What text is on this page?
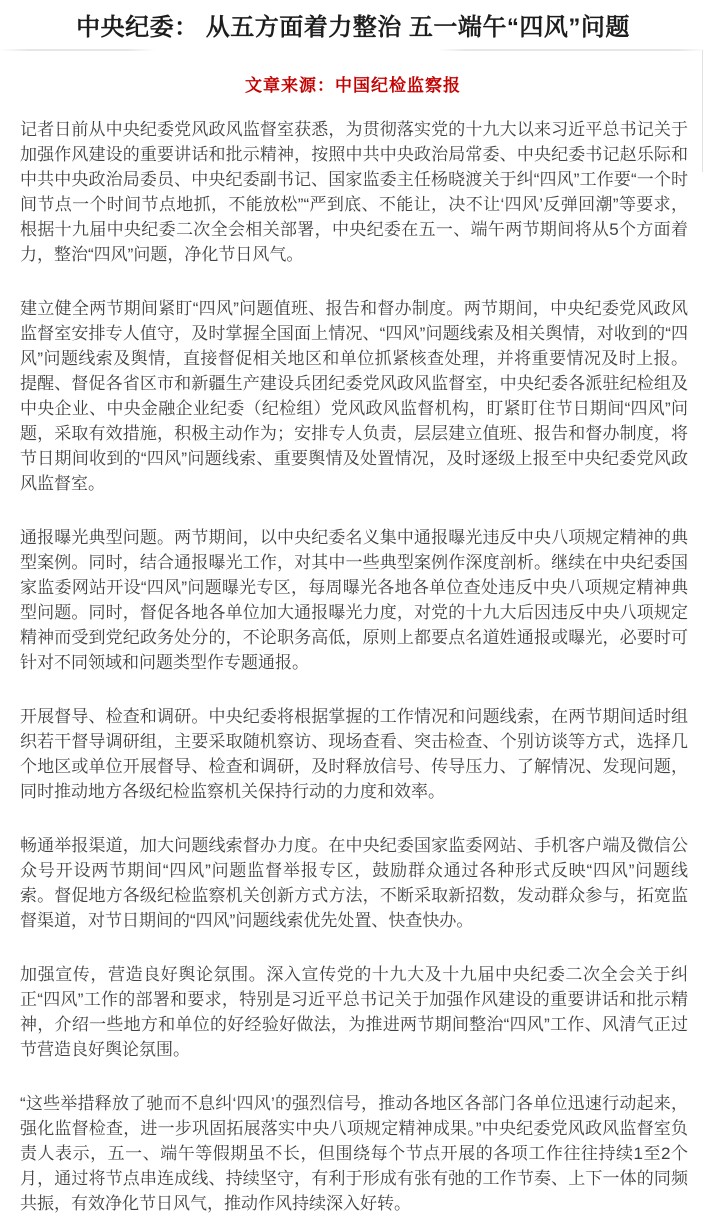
中央纪委： 从五方面着力整治 五一端午“四风”问题
文章来源：中国纪检监察报

记者日前从中央纪委党风政风监督室获悉，为贯彻落实党的十九大以来习近平总书记关于加强作风建设的重要讲话和批示精神，按照中共中央政治局常委、中央纪委书记赵乐际和中共中央政治局委员、中央纪委副书记、国家监委主任杨晓渡关于纠“四风”工作要“一个时间节点一个时间节点地抓，不能放松”“严到底、不能让，决不让‘四风’反弹回潮”等要求，根据十九届中央纪委二次全会相关部署，中央纪委在五一、端午两节期间将从5个方面着力，整治“四风”问题，净化节日风气。

建立健全两节期间紧盯“四风”问题值班、报告和督办制度。两节期间，中央纪委党风政风监督室安排专人值守，及时掌握全国面上情况、“四风”问题线索及相关舆情，对收到的“四风”问题线索及舆情，直接督促相关地区和单位抓紧核查处理，并将重要情况及时上报。提醒、督促各省区市和新疆生产建设兵团纪委党风政风监督室，中央纪委各派驻纪检组及中央企业、中央金融企业纪委（纪检组）党风政风监督机构，盯紧盯住节日期间“四风”问题，采取有效措施，积极主动作为；安排专人负责，层层建立值班、报告和督办制度，将节日期间收到的“四风”问题线索、重要舆情及处置情况，及时逐级上报至中央纪委党风政风监督室。

通报曝光典型问题。两节期间，以中央纪委名义集中通报曝光违反中央八项规定精神的典型案例。同时，结合通报曝光工作，对其中一些典型案例作深度剖析。继续在中央纪委国家监委网站开设“四风”问题曝光专区，每周曝光各地各单位查处违反中央八项规定精神典型问题。同时，督促各地各单位加大通报曝光力度，对党的十九大后因违反中央八项规定精神而受到党纪政务处分的，不论职务高低，原则上都要点名道姓通报或曝光，必要时可针对不同领域和问题类型作专题通报。

开展督导、检查和调研。中央纪委将根据掌握的工作情况和问题线索，在两节期间适时组织若干督导调研组，主要采取随机察访、现场查看、突击检查、个别访谈等方式，选择几个地区或单位开展督导、检查和调研，及时释放信号、传导压力、了解情况、发现问题，同时推动地方各级纪检监察机关保持行动的力度和效率。

畅通举报渠道，加大问题线索督办力度。在中央纪委国家监委网站、手机客户端及微信公众号开设两节期间“四风”问题监督举报专区，鼓励群众通过各种形式反映“四风”问题线索。督促地方各级纪检监察机关创新方式方法，不断采取新招数，发动群众参与，拓宽监督渠道，对节日期间的“四风”问题线索优先处置、快查快办。

加强宣传，营造良好舆论氛围。深入宣传党的十九大及十九届中央纪委二次全会关于纠正“四风”工作的部署和要求，特别是习近平总书记关于加强作风建设的重要讲话和批示精神，介绍一些地方和单位的好经验好做法，为推进两节期间整治“四风”工作、风清气正过节营造良好舆论氛围。

“这些举措释放了驰而不息纠‘四风’的强烈信号，推动各地区各部门各单位迅速行动起来，强化监督检查，进一步巩固拓展落实中央八项规定精神成果。”中央纪委党风政风监督室负责人表示，五一、端午等假期虽不长，但围绕每个节点开展的各项工作往往持续1至2个月，通过将节点串连成线、持续坚守，有利于形成有张有弛的工作节奏、上下一体的同频共振，有效净化节日风气，推动作风持续深入好转。
